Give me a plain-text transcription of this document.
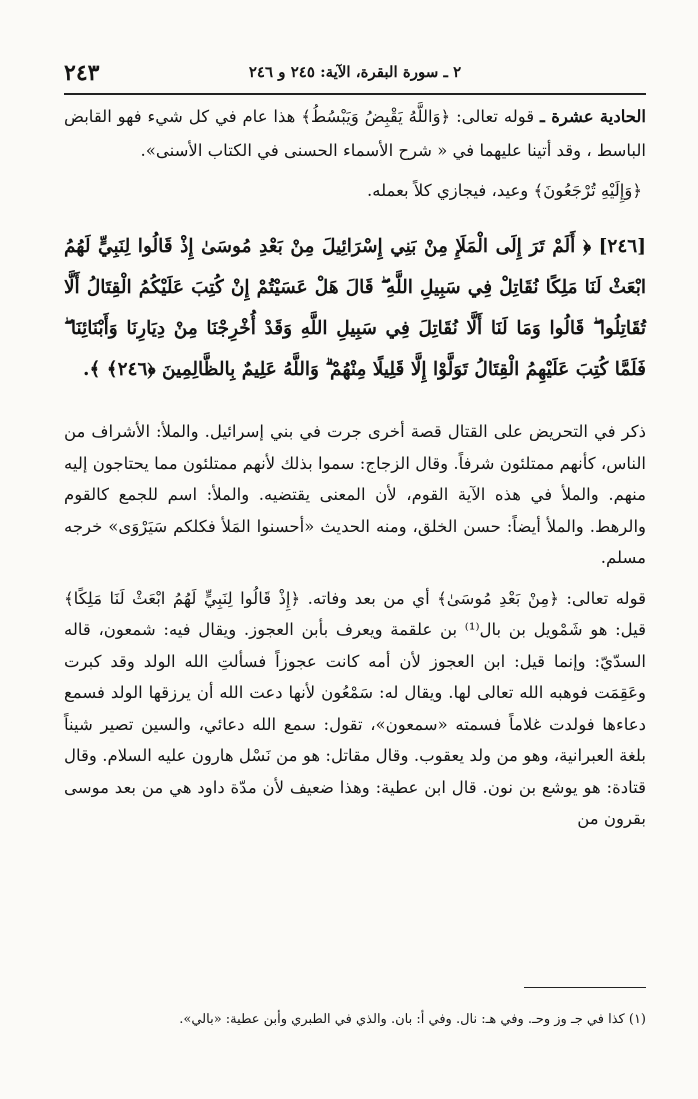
٢٤٣	٢ ـ سورة البقرة، الآية: ٢٤٥ و ٢٤٦

الحادية عشرة ـ قوله تعالى: ﴿وَاللَّهُ يَقْبِضُ وَيَبْسُطُ﴾ هذا عام في كل شيء فهو القابض الباسط ، وقد أتينا عليهما في « شرح الأسماء الحسنى في الكتاب الأسنى».

﴿وَإِلَيْهِ تُرْجَعُونَ﴾ وعيد، فيجازي كلاً بعمله.

[٢٤٦] ﴿ أَلَمْ تَرَ إِلَى الْمَلَإِ مِنْ بَنِي إِسْرَائِيلَ مِنْ بَعْدِ مُوسَىٰ إِذْ قَالُوا لِنَبِيٍّ لَهُمُ ابْعَثْ لَنَا مَلِكًا نُقَاتِلْ فِي سَبِيلِ اللَّهِ ۖ قَالَ هَلْ عَسَيْتُمْ إِنْ كُتِبَ عَلَيْكُمُ الْقِتَالُ أَلَّا تُقَاتِلُوا ۖ قَالُوا وَمَا لَنَا أَلَّا نُقَاتِلَ فِي سَبِيلِ اللَّهِ وَقَدْ أُخْرِجْنَا مِنْ دِيَارِنَا وَأَبْنَائِنَا ۖ فَلَمَّا كُتِبَ عَلَيْهِمُ الْقِتَالُ تَوَلَّوْا إِلَّا قَلِيلًا مِنْهُمْ ۗ وَاللَّهُ عَلِيمٌ بِالظَّالِمِينَ ﴿٢٤٦﴾ ﴾.

ذكر في التحريض على القتال قصة أخرى جرت في بني إسرائيل. والملأ: الأشراف من الناس، كأنهم ممتلئون شرفاً. وقال الزجاج: سموا بذلك لأنهم ممتلئون مما يحتاجون إليه منهم. والملأ في هذه الآية القوم، لأن المعنى يقتضيه. والملأ: اسم للجمع كالقوم والرهط. والملأ أيضاً: حسن الخلق، ومنه الحديث «أحسنوا المَلأ فكلكم سَيَرْوَى» خرجه مسلم.

قوله تعالى: ﴿مِنْ بَعْدِ مُوسَىٰ﴾ أي من بعد وفاته. ﴿إِذْ قَالُوا لِنَبِيٍّ لَهُمُ ابْعَثْ لَنَا مَلِكًا﴾ قيل: هو شَمْويل بن بال⁽¹⁾ بن علقمة ويعرف بأبن العجوز. ويقال فيه: شمعون، قاله السدّيّ: وإنما قيل: ابن العجوز لأن أمه كانت عجوزاً فسألتِ الله الولد وقد كبرت وعَقِمَت فوهبه الله تعالى لها. ويقال له: سَمْعُون لأنها دعت الله أن يرزقها الولد فسمع دعاءها فولدت غلاماً فسمته «سمعون»، تقول: سمع الله دعائي، والسين تصير شيناً بلغة العبرانية، وهو من ولد يعقوب. وقال مقاتل: هو من نَسْل هارون عليه السلام. وقال قتادة: هو يوشع بن نون. قال ابن عطية: وهذا ضعيف لأن مدّة داود هي من بعد موسى بقرون من

(١) كذا في جـ وز وحـ. وفي هـ: نال. وفي أ: بان. والذي في الطبري وأبن عطية: «بالي».
